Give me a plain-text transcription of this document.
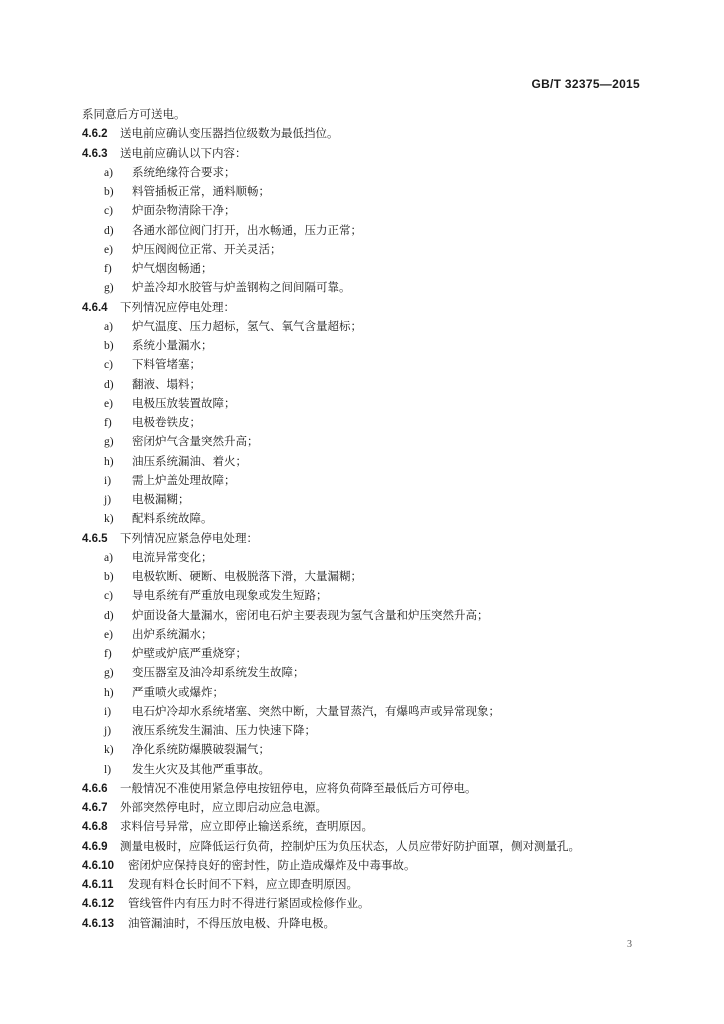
GB/T 32375—2015
系同意后方可送电。
4.6.2 送电前应确认变压器挡位级数为最低挡位。
4.6.3 送电前应确认以下内容：
a) 系统绝缘符合要求；
b) 料管插板正常，通料顺畅；
c) 炉面杂物清除干净；
d) 各通水部位阀门打开，出水畅通，压力正常；
e) 炉压阀阀位正常、开关灵活；
f) 炉气烟囱畅通；
g) 炉盖冷却水胶管与炉盖钢构之间间隔可靠。
4.6.4 下列情况应停电处理：
a) 炉气温度、压力超标，氢气、氧气含量超标；
b) 系统小量漏水；
c) 下料管堵塞；
d) 翻液、塌料；
e) 电极压放装置故障；
f) 电极卷铁皮；
g) 密闭炉气含量突然升高；
h) 油压系统漏油、着火；
i) 需上炉盖处理故障；
j) 电极漏糊；
k) 配料系统故障。
4.6.5 下列情况应紧急停电处理：
a) 电流异常变化；
b) 电极软断、硬断、电极脱落下滑，大量漏糊；
c) 导电系统有严重放电现象或发生短路；
d) 炉面设备大量漏水，密闭电石炉主要表现为氢气含量和炉压突然升高；
e) 出炉系统漏水；
f) 炉壁或炉底严重烧穿；
g) 变压器室及油冷却系统发生故障；
h) 严重喷火或爆炸；
i) 电石炉冷却水系统堵塞、突然中断，大量冒蒸汽，有爆鸣声或异常现象；
j) 液压系统发生漏油、压力快速下降；
k) 净化系统防爆膜破裂漏气；
l) 发生火灾及其他严重事故。
4.6.6 一般情况不准使用紧急停电按钮停电，应将负荷降至最低后方可停电。
4.6.7 外部突然停电时，应立即启动应急电源。
4.6.8 求料信号异常，应立即停止输送系统，查明原因。
4.6.9 测量电极时，应降低运行负荷，控制炉压为负压状态，人员应带好防护面罩，侧对测量孔。
4.6.10 密闭炉应保持良好的密封性，防止造成爆炸及中毒事故。
4.6.11 发现有料仓长时间不下料，应立即查明原因。
4.6.12 管线管件内有压力时不得进行紧固或检修作业。
4.6.13 油管漏油时，不得压放电极、升降电极。
3
